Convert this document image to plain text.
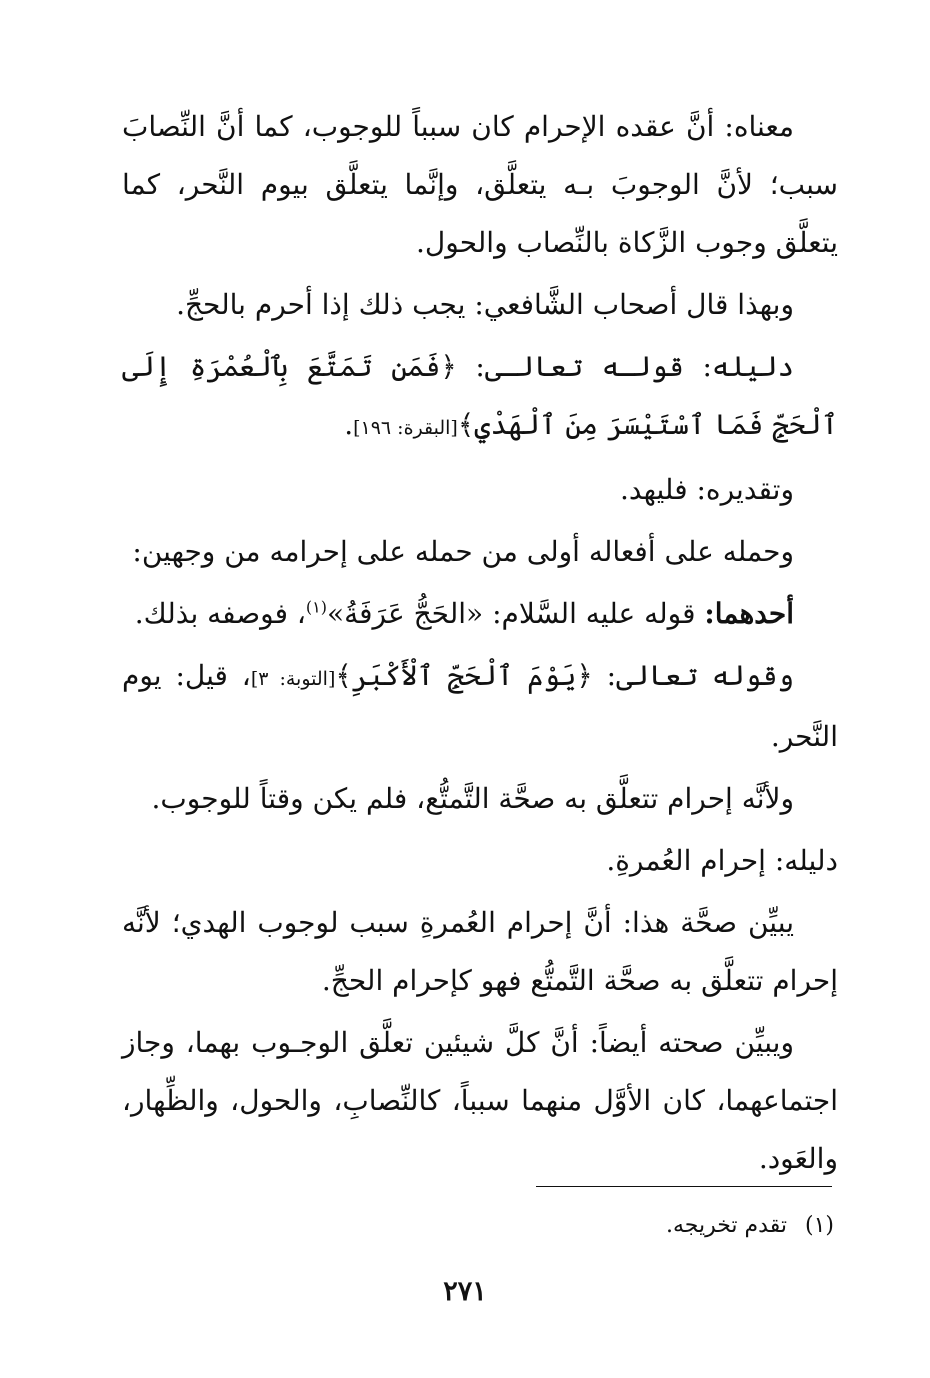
معناه: أنَّ عقده الإحرام كان سبباً للوجوب، كما أنَّ النِّصابَ سبب؛ لأنَّ الوجوبَ بـه يتعلَّق، وإنَّما يتعلَّق بيوم النَّحر، كما يتعلَّق وجوب الزَّكاة بالنِّصاب والحول.

وبهذا قال أصحاب الشَّافعي: يجب ذلك إذا أحرم بالحجِّ.

دليله: قولـه تعالـى: ﴿فَمَن تَمَتَّعَ بِٱلْعُمْرَةِ إِلَى ٱلْحَجِّ فَمَا ٱسْتَيْسَرَ مِنَ ٱلْهَدْيِ﴾[البقرة: ١٩٦].

وتقديره: فليهد.

وحمله على أفعاله أولى من حمله على إحرامه من وجهين:

أحدهما: قوله عليه السَّلام: «الحَجُّ عَرَفَةُ»$^{(١)}$، فوصفه بذلك.

وقوله تعالى: ﴿يَوْمَ ٱلْحَجِّ ٱلْأَكْبَرِ﴾[التوبة: ٣]، قيل: يوم النَّحر.

ولأنَّه إحرام تتعلَّق به صحَّة التَّمتُّع، فلم يكن وقتاً للوجوب.

دليله: إحرام العُمرةِ.

يبيِّن صحَّة هذا: أنَّ إحرام العُمرةِ سبب لوجوب الهدي؛ لأنَّه إحرام تتعلَّق به صحَّة التَّمتُّع فهو كإحرام الحجِّ.

ويبيِّن صحته أيضاً: أنَّ كلَّ شيئين تعلَّق الوجـوب بهما، وجاز اجتماعهما، كان الأوَّل منهما سبباً، كالنِّصابِ، والحول، والظِّهار، والعَود.

(١)تقدم تخريجه.
٢٧١
